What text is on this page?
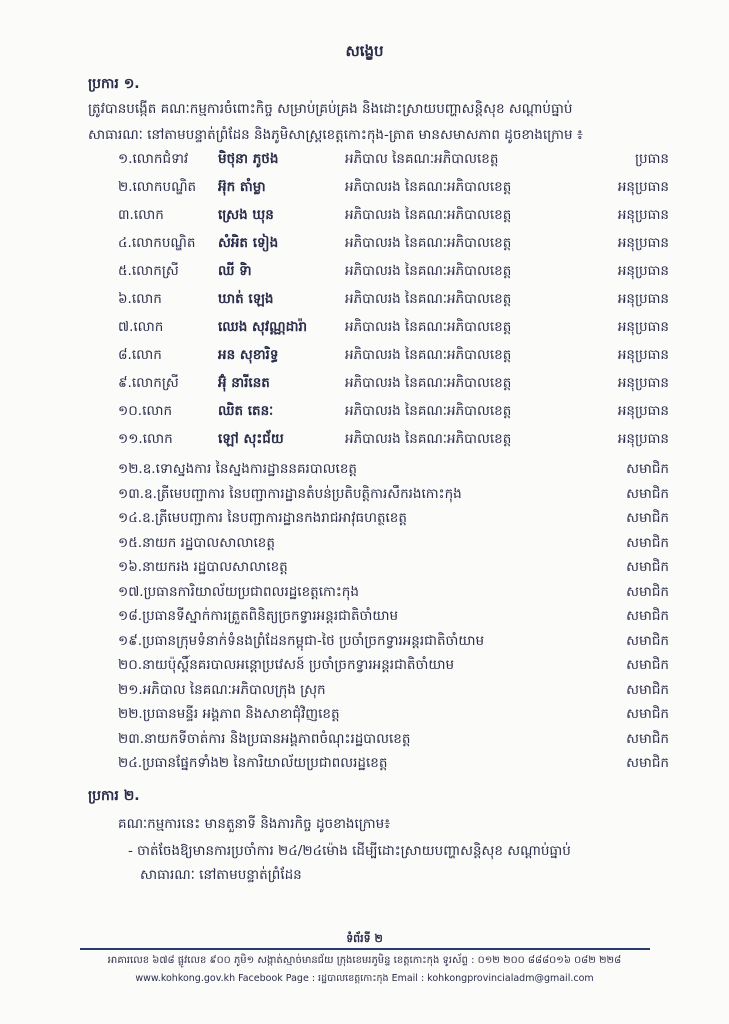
សង្ខេប
ប្រការ ១.
ត្រូវបានបង្កើត គណៈកម្មការចំពោះកិច្ច សម្រាប់គ្រប់គ្រង និងដោះស្រាយបញ្ហាសន្តិសុខ សណ្តាប់ធ្នាប់
សាធារណៈ នៅតាមបន្ទាត់ព្រំដែន និងភូមិសាស្ត្រខេត្តកោះកុង-ត្រាត មានសមាសភាព ដូចខាងក្រោម ៖
១.លោកជំទាវ មិថុនា ភូថង	អភិបាល នៃគណៈអភិបាលខេត្ត	ប្រធាន
២.លោកបណ្ឌិត អ៊ុក តាំម្លា	អភិបាលរង នៃគណៈអភិបាលខេត្ត	អនុប្រធាន
៣.លោក	ស្រេង ឃុន	អភិបាលរង នៃគណៈអភិបាលខេត្ត	អនុប្រធាន
៤.លោកបណ្ឌិត សំអិត ទៀង	អភិបាលរង នៃគណៈអភិបាលខេត្ត	អនុប្រធាន
៥.លោកស្រី	ឈី ទិា	អភិបាលរង នៃគណៈអភិបាលខេត្ត	អនុប្រធាន
៦.លោក	ឃាត់ ឡេង	អភិបាលរង នៃគណៈអភិបាលខេត្ត	អនុប្រធាន
៧.លោក	ឈេង សុវណ្ណដារ៉ា	អភិបាលរង នៃគណៈអភិបាលខេត្ត	អនុប្រធាន
៨.លោក	អន សុខារិទ្ធ	អភិបាលរង នៃគណៈអភិបាលខេត្ត	អនុប្រធាន
៩.លោកស្រី	អ៊ុំ នារីនេត	អភិបាលរង នៃគណៈអភិបាលខេត្ត	អនុប្រធាន
១០.លោក	ឈិត តេនៈ	អភិបាលរង នៃគណៈអភិបាលខេត្ត	អនុប្រធាន
១១.លោក	ឡៅ សុះជ័យ	អភិបាលរង នៃគណៈអភិបាលខេត្ត	អនុប្រធាន
១២.ឧ.ទោស្នងការ នៃស្នងការដ្ឋាននគរបាលខេត្ត	សមាជិក
១៣.ឧ.ត្រីមេបញ្ជាការ នៃបញ្ជាការដ្ឋានតំបន់ប្រតិបត្តិការសឹករងកោះកុង	សមាជិក
១៤.ឧ.ត្រីមេបញ្ជាការ នៃបញ្ជាការដ្ឋានកងរាជអាវុធហត្ថខេត្ត	សមាជិក
១៥.នាយក រដ្ឋបាលសាលាខេត្ត	សមាជិក
១៦.នាយករង រដ្ឋបាលសាលាខេត្ត	សមាជិក
១៧.ប្រធានការិយាល័យប្រជាពលរដ្ឋខេត្តកោះកុង	សមាជិក
១៨.ប្រធានទីស្នាក់ការត្រួតពិនិត្យច្រកទ្វារអន្តរជាតិចាំយាម	សមាជិក
១៩.ប្រធានក្រុមទំនាក់ទំនងព្រំដែនកម្ពុជា-ថៃ ប្រចាំច្រកទ្វារអន្តរជាតិចាំយាម	សមាជិក
២០.នាយប៉ុស្តិ៍នគរបាលអន្តោប្រវេសន៍ ប្រចាំច្រកទ្វារអន្តរជាតិចាំយាម	សមាជិក
២១.អភិបាល នៃគណៈអភិបាលក្រុង ស្រុក	សមាជិក
២២.ប្រធានមន្ទីរ អង្គភាព និងសាខាជុំវិញខេត្ត	សមាជិក
២៣.នាយកទីចាត់ការ និងប្រធានអង្គភាពចំណុះរដ្ឋបាលខេត្ត	សមាជិក
២៤.ប្រធានផ្នែកទាំង២ នៃការិយាល័យប្រជាពលរដ្ឋខេត្ត	សមាជិក
ប្រការ ២.
គណៈកម្មការនេះ មានតួនាទី និងភារកិច្ច ដូចខាងក្រោម៖
- ចាត់ចែងឱ្យមានការប្រចាំការ ២៤/២៤ម៉ោង ដើម្បីដោះស្រាយបញ្ហាសន្តិសុខ សណ្តាប់ធ្នាប់
សាធារណៈ នៅតាមបន្ទាត់ព្រំដែន
ទំព័រទី ២
អាគារលេខ ៦៧៨ ផ្លូវលេខ ៩០០ ភូមិ១ សង្កាត់ស្មាច់មានជ័យ ក្រុងខេមរភូមិន្ទ ខេត្តកោះកុង ទូរស័ព្ទ : ០១២ ២០០ ៨៨៨០១៦ ០៨២ ២២៨
www.kohkong.gov.kh Facebook Page : រដ្ឋបាលខេត្តកោះកុង Email : kohkongprovincialadm@gmail.com
